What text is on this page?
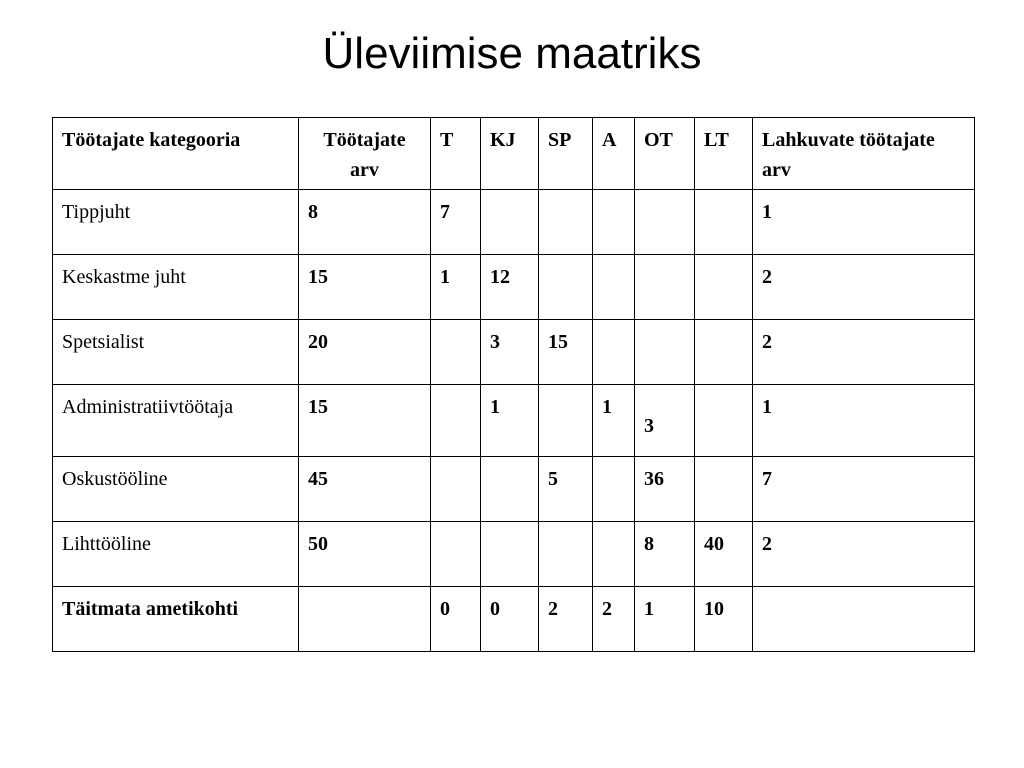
Üleviimise maatriks
Töötajate kategooria	Töötajate arv	T	KJ	SP	A	OT	LT	Lahkuvate töötajate arv
Tippjuht	8	7						1
Keskastme juht	15	1	12					2
Spetsialist	20		3	15				2
Administratiivtöötaja	15		1		1	3		1
Oskustööline	45			5		36		7
Lihttööline	50					8	40	2
Täitmata ametikohti		0	0	2	2	1	10	
